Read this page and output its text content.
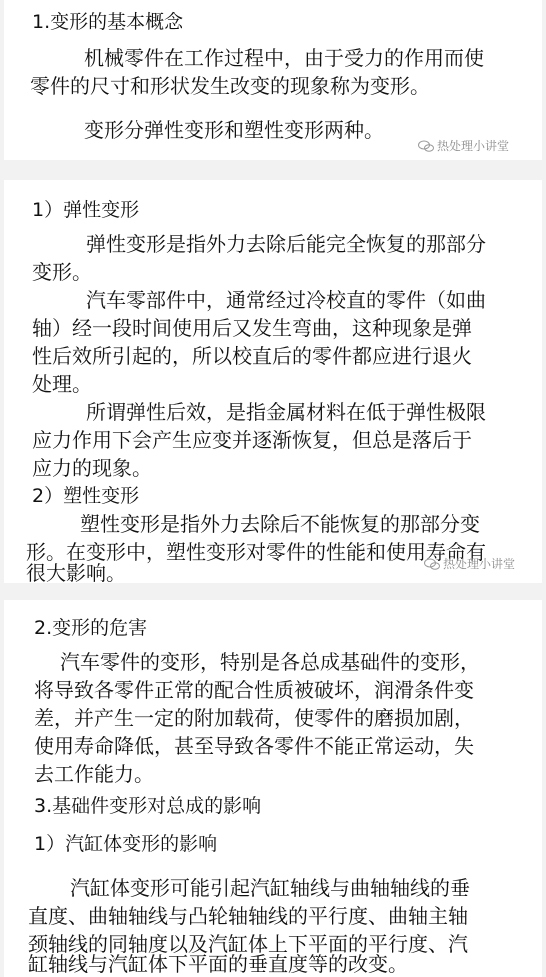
1.变形的基本概念

机械零件在工作过程中，由于受力的作用而使

零件的尺寸和形状发生改变的现象称为变形。

变形分弹性变形和塑性变形两种。

热处理小讲堂

1）弹性变形

弹性变形是指外力去除后能完全恢复的那部分

变形。

汽车零部件中，通常经过冷校直的零件（如曲

轴）经一段时间使用后又发生弯曲，这种现象是弹

性后效所引起的，所以校直后的零件都应进行退火

处理。

所谓弹性后效，是指金属材料在低于弹性极限

应力作用下会产生应变并逐渐恢复，但总是落后于

应力的现象。

2）塑性变形

塑性变形是指外力去除后不能恢复的那部分变

形。在变形中，塑性变形对零件的性能和使用寿命有

很大影响。	热处理小讲堂

2.变形的危害

汽车零件的变形，特别是各总成基础件的变形，

将导致各零件正常的配合性质被破坏，润滑条件变

差，并产生一定的附加载荷，使零件的磨损加剧，

使用寿命降低，甚至导致各零件不能正常运动，失

去工作能力。

3.基础件变形对总成的影响

1）汽缸体变形的影响

汽缸体变形可能引起汽缸轴线与曲轴轴线的垂

直度、曲轴轴线与凸轮轴轴线的平行度、曲轴主轴

颈轴线的同轴度以及汽缸体上下平面的平行度、汽

缸轴线与汽缸体下平面的垂直度等的改变。
